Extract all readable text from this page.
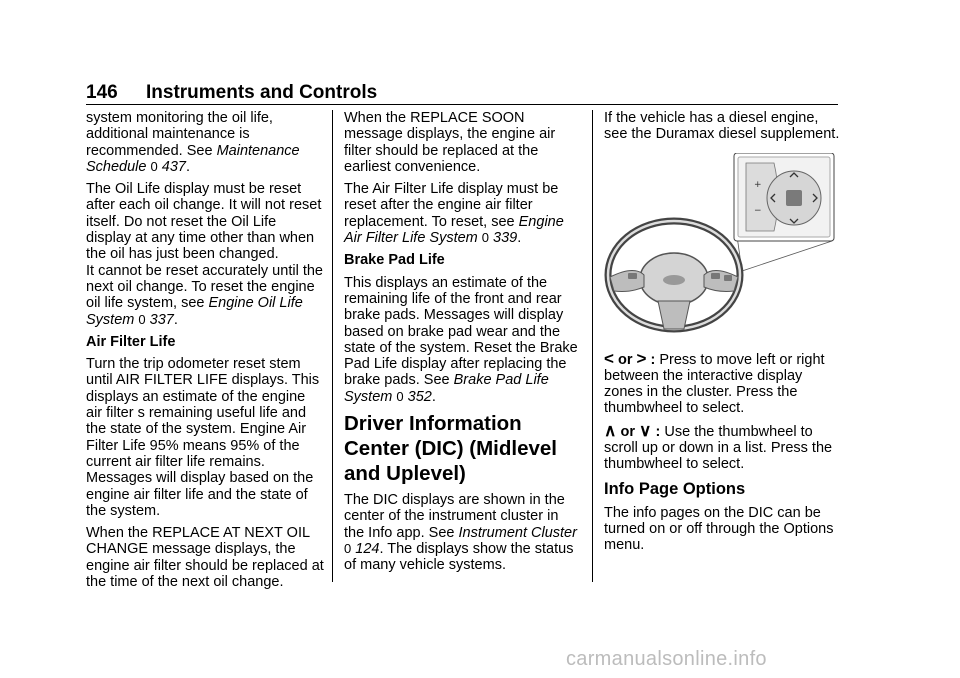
146 Instruments and Controls

system monitoring the oil life, additional maintenance is recommended. See Maintenance Schedule 0 437.

The Oil Life display must be reset after each oil change. It will not reset itself. Do not reset the Oil Life display at any time other than when the oil has just been changed.

It cannot be reset accurately until the next oil change. To reset the engine oil life system, see Engine Oil Life System 0 337.

Air Filter Life

Turn the trip odometer reset stem until AIR FILTER LIFE displays. This displays an estimate of the engine air filter s remaining useful life and the state of the system. Engine Air Filter Life 95% means 95% of the current air filter life remains. Messages will display based on the engine air filter life and the state of the system.

When the REPLACE AT NEXT OIL CHANGE message displays, the engine air filter should be replaced at the time of the next oil change.

When the REPLACE SOON message displays, the engine air filter should be replaced at the earliest convenience.

The Air Filter Life display must be reset after the engine air filter replacement. To reset, see Engine Air Filter Life System 0 339.

Brake Pad Life

This displays an estimate of the remaining life of the front and rear brake pads. Messages will display based on brake pad wear and the state of the system. Reset the Brake Pad Life display after replacing the brake pads. See Brake Pad Life System 0 352.

Driver Information Center (DIC) (Midlevel and Uplevel)

The DIC displays are shown in the center of the instrument cluster in the Info app. See Instrument Cluster 0 124. The displays show the status of many vehicle systems.

If the vehicle has a diesel engine, see the Duramax diesel supplement.

+
−

< or > : Press to move left or right between the interactive display zones in the cluster. Press the thumbwheel to select.

∧ or ∨ : Use the thumbwheel to scroll up or down in a list. Press the thumbwheel to select.

Info Page Options

The info pages on the DIC can be turned on or off through the Options menu.

carmanualsonline.info
